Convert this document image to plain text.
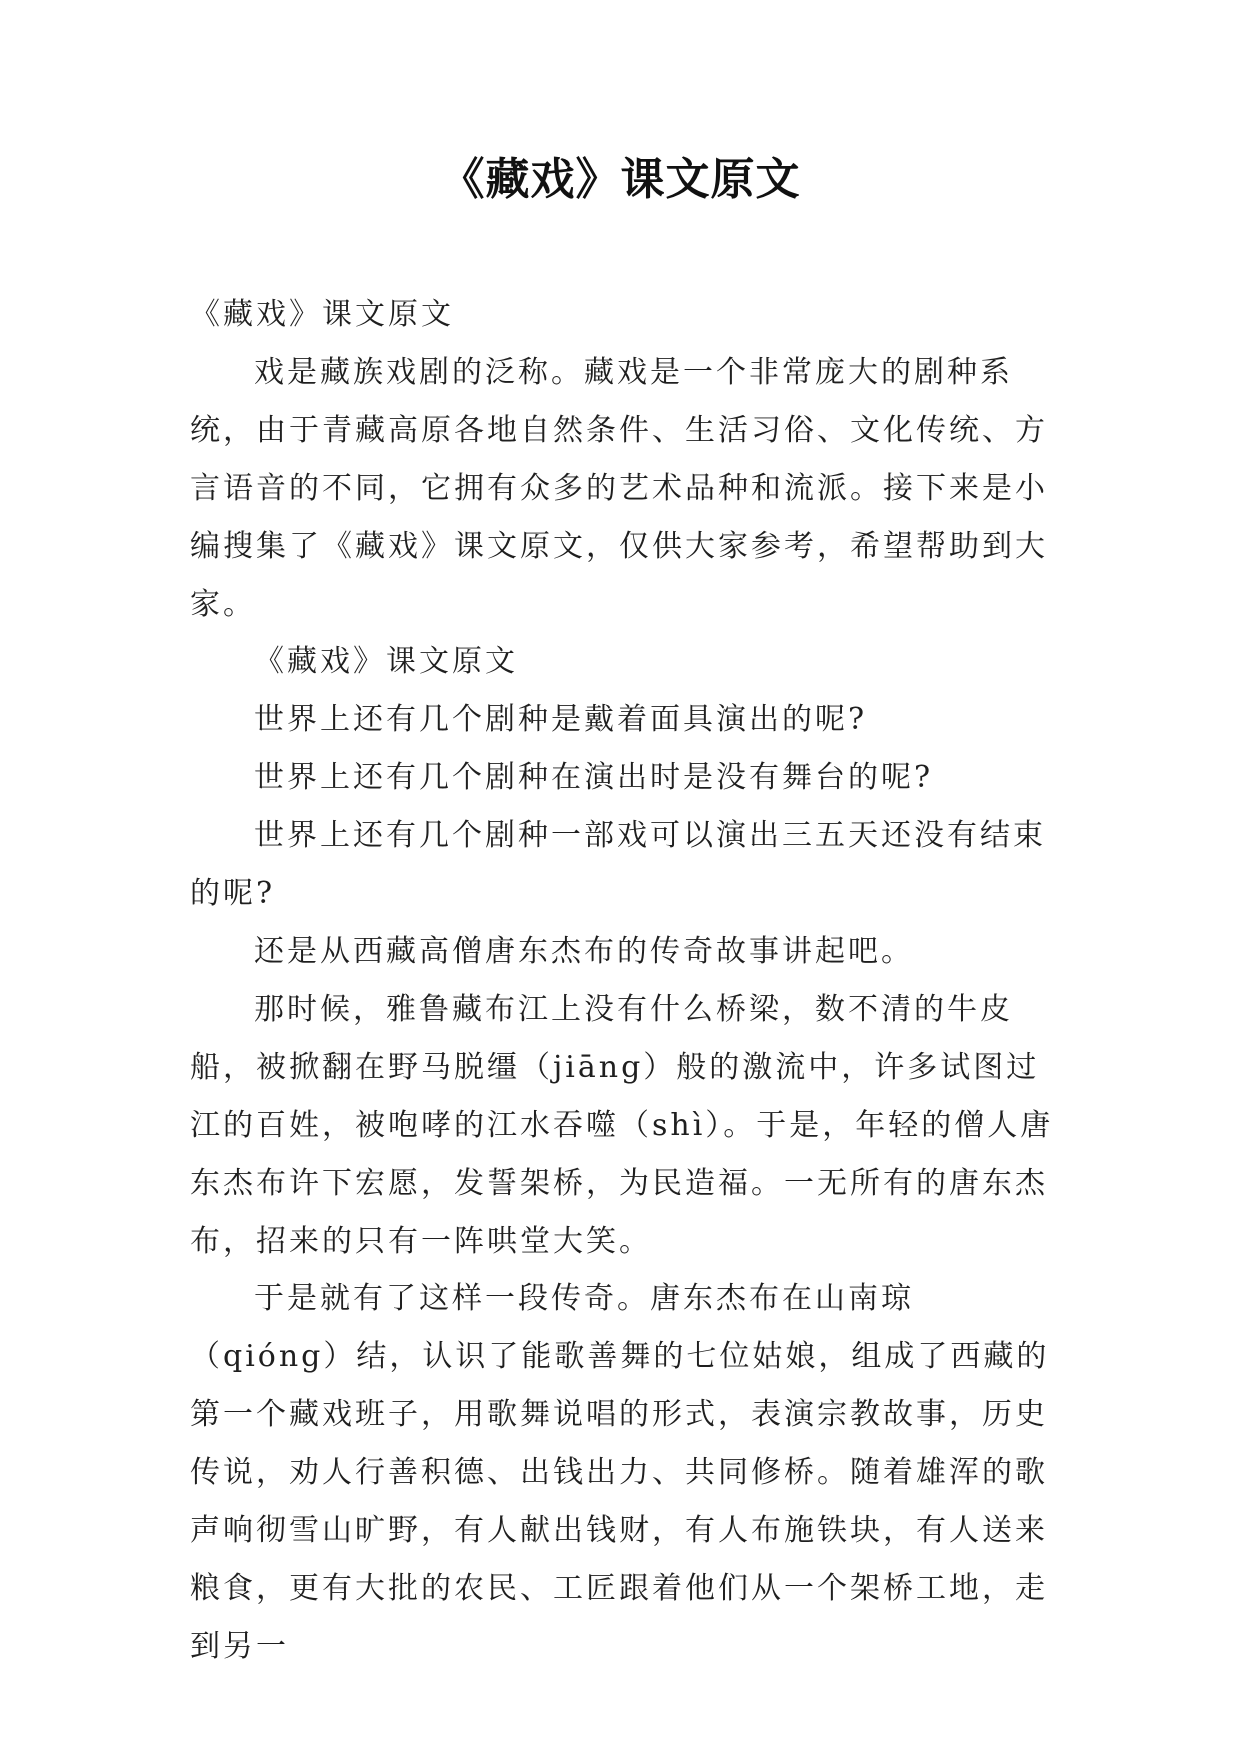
《藏戏》课文原文

《藏戏》课文原文

戏是藏族戏剧的泛称。藏戏是一个非常庞大的剧种系统，由于青藏高原各地自然条件、生活习俗、文化传统、方言语音的不同，它拥有众多的艺术品种和流派。接下来是小编搜集了《藏戏》课文原文，仅供大家参考，希望帮助到大家。

《藏戏》课文原文

世界上还有几个剧种是戴着面具演出的呢?

世界上还有几个剧种在演出时是没有舞台的呢?

世界上还有几个剧种一部戏可以演出三五天还没有结束的呢?

还是从西藏高僧唐东杰布的传奇故事讲起吧。

那时候，雅鲁藏布江上没有什么桥梁，数不清的牛皮船，被掀翻在野马脱缰（jiāng）般的激流中，许多试图过江的百姓，被咆哮的江水吞噬（shì）。于是，年轻的僧人唐东杰布许下宏愿，发誓架桥，为民造福。一无所有的唐东杰布，招来的只有一阵哄堂大笑。

于是就有了这样一段传奇。唐东杰布在山南琼（qióng）结，认识了能歌善舞的七位姑娘，组成了西藏的第一个藏戏班子，用歌舞说唱的形式，表演宗教故事，历史传说，劝人行善积德、出钱出力、共同修桥。随着雄浑的歌声响彻雪山旷野，有人献出钱财，有人布施铁块，有人送来粮食，更有大批的农民、工匠跟着他们从一个架桥工地，走到另一
